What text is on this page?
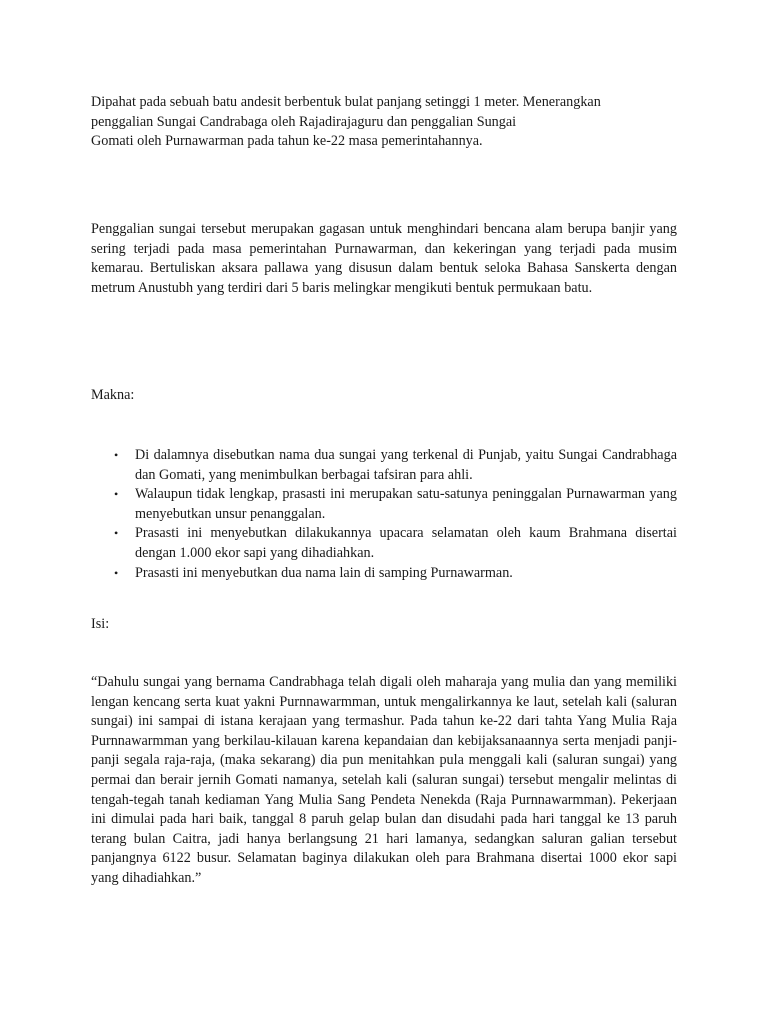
Dipahat pada sebuah batu andesit berbentuk bulat panjang setinggi 1 meter. Menerangkan
penggalian Sungai Candrabaga oleh Rajadirajaguru dan penggalian Sungai
Gomati oleh Purnawarman pada tahun ke-22 masa pemerintahannya.
Penggalian sungai tersebut merupakan gagasan untuk menghindari bencana alam berupa banjir yang sering terjadi pada masa pemerintahan Purnawarman, dan kekeringan yang terjadi pada musim kemarau. Bertuliskan aksara pallawa yang disusun dalam bentuk seloka Bahasa Sanskerta dengan metrum Anustubh yang terdiri dari 5 baris melingkar mengikuti bentuk permukaan batu.
Makna:
• Di dalamnya disebutkan nama dua sungai yang terkenal di Punjab, yaitu Sungai Candrabhaga dan Gomati, yang menimbulkan berbagai tafsiran para ahli.
• Walaupun tidak lengkap, prasasti ini merupakan satu-satunya peninggalan Purnawarman yang menyebutkan unsur penanggalan.
• Prasasti ini menyebutkan dilakukannya upacara selamatan oleh kaum Brahmana disertai dengan 1.000 ekor sapi yang dihadiahkan.
• Prasasti ini menyebutkan dua nama lain di samping Purnawarman.
Isi:
“Dahulu sungai yang bernama Candrabhaga telah digali oleh maharaja yang mulia dan yang memiliki lengan kencang serta kuat yakni Purnnawarmman, untuk mengalirkannya ke laut, setelah kali (saluran sungai) ini sampai di istana kerajaan yang termashur. Pada tahun ke-22 dari tahta Yang Mulia Raja Purnnawarmman yang berkilau-kilauan karena kepandaian dan kebijaksanaannya serta menjadi panji-panji segala raja-raja, (maka sekarang) dia pun menitahkan pula menggali kali (saluran sungai) yang permai dan berair jernih Gomati namanya, setelah kali (saluran sungai) tersebut mengalir melintas di tengah-tegah tanah kediaman Yang Mulia Sang Pendeta Nenekda (Raja Purnnawarmman). Pekerjaan ini dimulai pada hari baik, tanggal 8 paruh gelap bulan dan disudahi pada hari tanggal ke 13 paruh terang bulan Caitra, jadi hanya berlangsung 21 hari lamanya, sedangkan saluran galian tersebut panjangnya 6122 busur. Selamatan baginya dilakukan oleh para Brahmana disertai 1000 ekor sapi yang dihadiahkan.”
